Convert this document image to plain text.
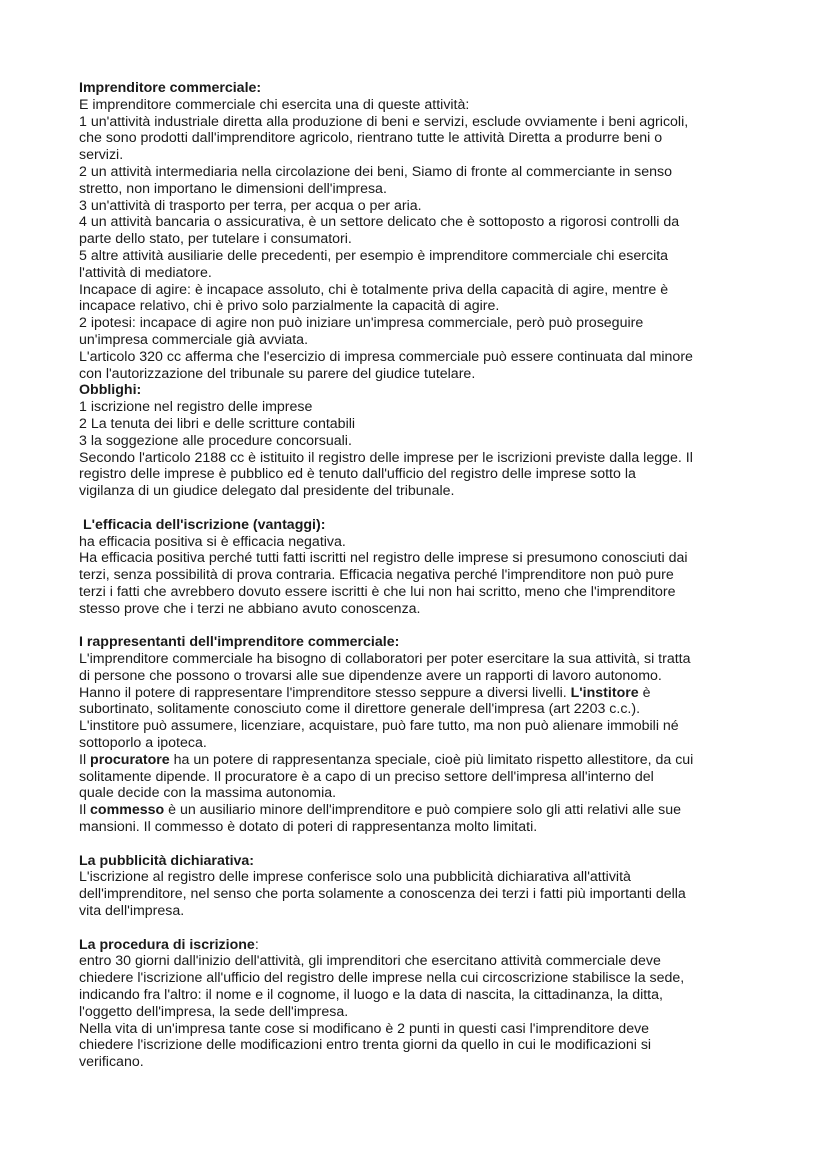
Imprenditore commerciale:
E imprenditore commerciale chi esercita una di queste attività:
1 un'attività industriale diretta alla produzione di beni e servizi, esclude ovviamente i beni agricoli,
che sono prodotti dall'imprenditore agricolo, rientrano tutte le attività Diretta a produrre beni o
servizi.
2 un attività intermediaria nella circolazione dei beni, Siamo di fronte al commerciante in senso
stretto, non importano le dimensioni dell'impresa.
3 un'attività di trasporto per terra, per acqua o per aria.
4 un attività bancaria o assicurativa, è un settore delicato che è sottoposto a rigorosi controlli da
parte dello stato, per tutelare i consumatori.
5 altre attività ausiliarie delle precedenti, per esempio è imprenditore commerciale chi esercita
l'attività di mediatore.
Incapace di agire: è incapace assoluto, chi è totalmente priva della capacità di agire, mentre è
incapace relativo, chi è privo solo parzialmente la capacità di agire.
2 ipotesi: incapace di agire non può iniziare un'impresa commerciale, però può proseguire
un'impresa commerciale già avviata.
L'articolo 320 cc afferma che l'esercizio di impresa commerciale può essere continuata dal minore
con l'autorizzazione del tribunale su parere del giudice tutelare.
Obblighi:
1 iscrizione nel registro delle imprese
2 La tenuta dei libri e delle scritture contabili
3 la soggezione alle procedure concorsuali.
Secondo l'articolo 2188 cc è istituito il registro delle imprese per le iscrizioni previste dalla legge. Il
registro delle imprese è pubblico ed è tenuto dall'ufficio del registro delle imprese sotto la
vigilanza di un giudice delegato dal presidente del tribunale.
L'efficacia dell'iscrizione (vantaggi):
ha efficacia positiva si è efficacia negativa.
Ha efficacia positiva perché tutti fatti iscritti nel registro delle imprese si presumono conosciuti dai
terzi, senza possibilità di prova contraria. Efficacia negativa perché l'imprenditore non può pure
terzi i fatti che avrebbero dovuto essere iscritti è che lui non hai scritto, meno che l'imprenditore
stesso prove che i terzi ne abbiano avuto conoscenza.
I rappresentanti dell'imprenditore commerciale:
L'imprenditore commerciale ha bisogno di collaboratori per poter esercitare la sua attività, si tratta
di persone che possono o trovarsi alle sue dipendenze avere un rapporti di lavoro autonomo.
Hanno il potere di rappresentare l'imprenditore stesso seppure a diversi livelli. L'institore è
subortinato, solitamente conosciuto come il direttore generale dell'impresa (art 2203 c.c.).
L'institore può assumere, licenziare, acquistare, può fare tutto, ma non può alienare immobili né
sottoporlo a ipoteca.
Il procuratore ha un potere di rappresentanza speciale, cioè più limitato rispetto allestitore, da cui
solitamente dipende. Il procuratore è a capo di un preciso settore dell'impresa all'interno del
quale decide con la massima autonomia.
Il commesso è un ausiliario minore dell'imprenditore e può compiere solo gli atti relativi alle sue
mansioni. Il commesso è dotato di poteri di rappresentanza molto limitati.
La pubblicità dichiarativa:
L'iscrizione al registro delle imprese conferisce solo una pubblicità dichiarativa all'attività
dell'imprenditore, nel senso che porta solamente a conoscenza dei terzi i fatti più importanti della
vita dell'impresa.
La procedura di iscrizione:
entro 30 giorni dall'inizio dell'attività, gli imprenditori che esercitano attività commerciale deve
chiedere l'iscrizione all'ufficio del registro delle imprese nella cui circoscrizione stabilisce la sede,
indicando fra l'altro: il nome e il cognome, il luogo e la data di nascita, la cittadinanza, la ditta,
l'oggetto dell'impresa, la sede dell'impresa.
Nella vita di un'impresa tante cose si modificano è 2 punti in questi casi l'imprenditore deve
chiedere l'iscrizione delle modificazioni entro trenta giorni da quello in cui le modificazioni si
verificano.
